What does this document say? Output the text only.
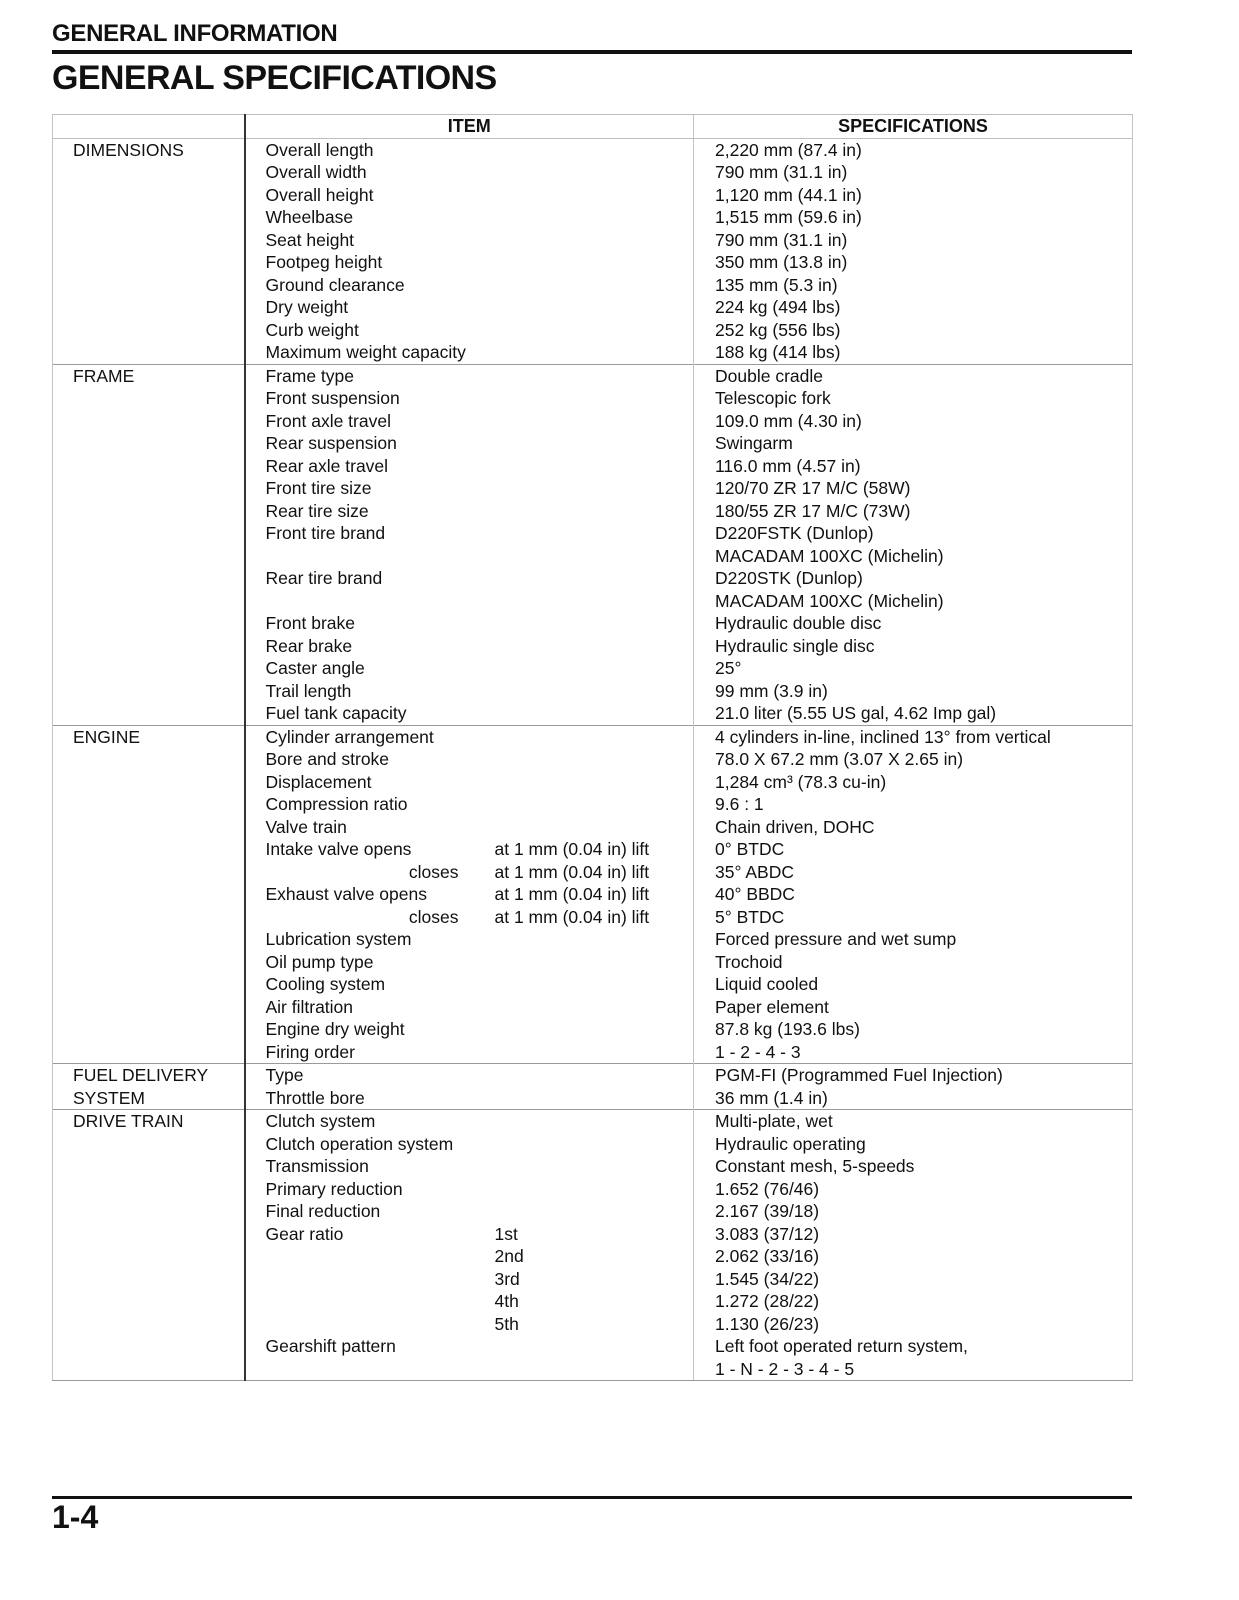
GENERAL INFORMATION
GENERAL SPECIFICATIONS
	ITEM		SPECIFICATIONS
DIMENSIONS	Overall length		2,220 mm (87.4 in)
	Overall width		790 mm (31.1 in)
	Overall height		1,120 mm (44.1 in)
	Wheelbase		1,515 mm (59.6 in)
	Seat height		790 mm (31.1 in)
	Footpeg height		350 mm (13.8 in)
	Ground clearance		135 mm (5.3 in)
	Dry weight		224 kg (494 lbs)
	Curb weight		252 kg (556 lbs)
	Maximum weight capacity		188 kg (414 lbs)
FRAME	Frame type		Double cradle
	Front suspension		Telescopic fork
	Front axle travel		109.0 mm (4.30 in)
	Rear suspension		Swingarm
	Rear axle travel		116.0 mm (4.57 in)
	Front tire size		120/70 ZR 17 M/C (58W)
	Rear tire size		180/55 ZR 17 M/C (73W)
	Front tire brand		D220FSTK (Dunlop)
			MACADAM 100XC (Michelin)
	Rear tire brand		D220STK (Dunlop)
			MACADAM 100XC (Michelin)
	Front brake		Hydraulic double disc
	Rear brake		Hydraulic single disc
	Caster angle		25°
	Trail length		99 mm (3.9 in)
	Fuel tank capacity		21.0 liter (5.55 US gal, 4.62 Imp gal)
ENGINE	Cylinder arrangement		4 cylinders in-line, inclined 13° from vertical
	Bore and stroke		78.0 X 67.2 mm (3.07 X 2.65 in)
	Displacement		1,284 cm³ (78.3 cu-in)
	Compression ratio		9.6 : 1
	Valve train		Chain driven, DOHC
	Intake valve opens	at 1 mm (0.04 in) lift	0° BTDC
	closes	at 1 mm (0.04 in) lift	35° ABDC
	Exhaust valve opens	at 1 mm (0.04 in) lift	40° BBDC
	closes	at 1 mm (0.04 in) lift	5° BTDC
	Lubrication system		Forced pressure and wet sump
	Oil pump type		Trochoid
	Cooling system		Liquid cooled
	Air filtration		Paper element
	Engine dry weight		87.8 kg (193.6 lbs)
	Firing order		1 - 2 - 4 - 3
FUEL DELIVERY	Type		PGM-FI (Programmed Fuel Injection)
SYSTEM	Throttle bore		36 mm (1.4 in)
DRIVE TRAIN	Clutch system		Multi-plate, wet
	Clutch operation system		Hydraulic operating
	Transmission		Constant mesh, 5-speeds
	Primary reduction		1.652 (76/46)
	Final reduction		2.167 (39/18)
	Gear ratio	1st	3.083 (37/12)
		2nd	2.062 (33/16)
		3rd	1.545 (34/22)
		4th	1.272 (28/22)
		5th	1.130 (26/23)
	Gearshift pattern		Left foot operated return system,
			1 - N - 2 - 3 - 4 - 5
1-4
